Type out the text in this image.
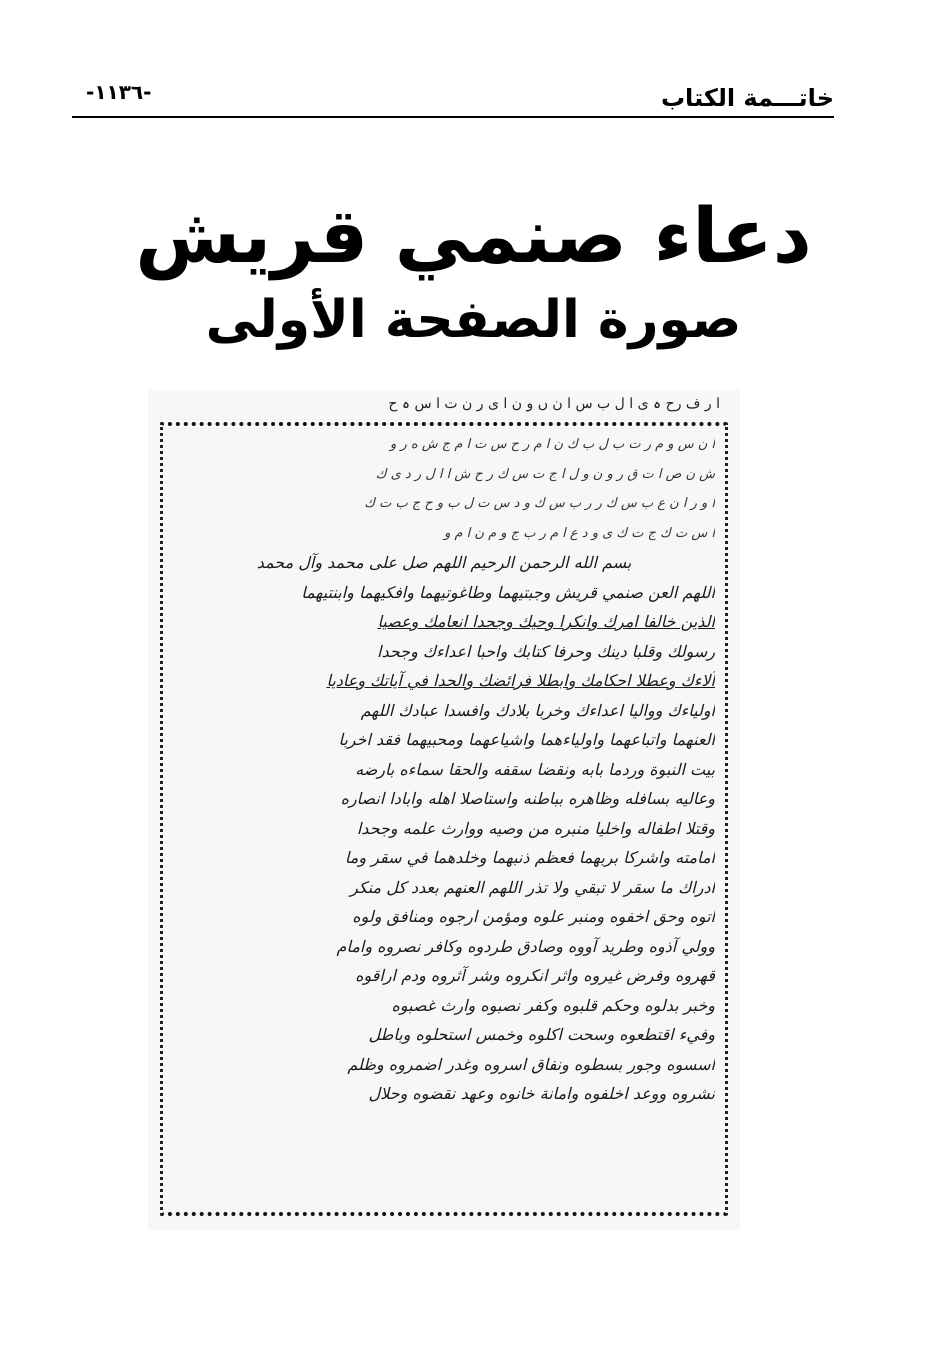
خاتـــمة الكتاب
-١١٣٦-
دعاء صنمي قريش
صورة الصفحة الأولى
ا ر ف رح ہ ی ا ل ب س ا ن ں و ن ا ی ر ن ت ا س ہ ح
ﺍ ﻥ ﺱ ﻭ ﻡ ﺭ ﺕ ﺏ ﻝ ﺏ ﻙ ﻥ ﺍ ﻡ ﺭ ﺡ ﺱ ﺕ ﺍ ﻡ ﺝ ﺵ ﻩ ﺭ ﻭ
ﺵ ﻥ ﺹ ﺍ ﺕ ﻕ ﺭ ﻭ ﻥ ﻭ ﻝ ﺍ ﺝ ﺕ ﺱ ﻙ ﺭ ﺡ ﺵ ﺍ ﺍ ﻝ ﺭ ﺩ ﻯ ﻙ
ﺍ ﻭ ﺭ ﺍ ﻥ ﻉ ﺏ ﺱ ﻙ ﺭ ﺭ ﺏ ﺱ ﻙ ﻭ ﺩ ﺱ ﺕ ﻝ ﺏ ﻭ ﺡ ﺝ ﺏ ﺕ ﻙ
ﺍ ﺱ ﺕ ﻙ ﺝ ﺕ ﻙ ﻯ ﻭ ﺩ ﻉ ﺍ ﻡ ﺭ ﺏ ﺝ ﻭ ﻡ ﻥ ﺍ ﻡ ﻭ
بسم الله الرحمن الرحيم اللهم صل على محمد وآل محمد
اللهم العن صنمي قريش وجبتيهما وطاغوتيهما وافكيهما وابنتيهما
الذين خالفا امرك وانكرا وحيك وجحدا انعامك وعصيا
رسولك وقلبا دينك وحرفا كتابك واحبا اعداءك وجحدا
آلاءك وعطلا احكامك وابطلا فرائضك والحدا في آياتك وعاديا
اولياءك وواليا اعداءك وخربا بلادك وافسدا عبادك اللهم
العنهما واتباعهما واولياءهما واشياعهما ومحبيهما فقد اخربا
بيت النبوة وردما بابه ونقضا سقفه والحقا سماءه بارضه
وعاليه بسافله وظاهره بباطنه واستاصلا اهله وابادا انصاره
وقتلا اطفاله واخليا منبره من وصيه ووارث علمه وجحدا
امامته واشركا بربهما فعظم ذنبهما وخلدهما في سقر وما
ادراك ما سقر لا تبقي ولا تذر اللهم العنهم بعدد كل منكر
اتوه وحق اخفوه ومنبر علوه ومؤمن ارجوه ومنافق ولوه
وولي آذوه وطريد آووه وصادق طردوه وكافر نصروه وامام
قهروه وفرض غيروه واثر انكروه وشر آثروه ودم اراقوه
وخبر بدلوه وحكم قلبوه وكفر نصبوه وارث غصبوه
وفيء اقتطعوه وسحت اكلوه وخمس استحلوه وباطل
اسسوه وجور بسطوه ونفاق اسروه وغدر اضمروه وظلم
نشروه ووعد اخلفوه وامانة خانوه وعهد نقضوه وحلال
